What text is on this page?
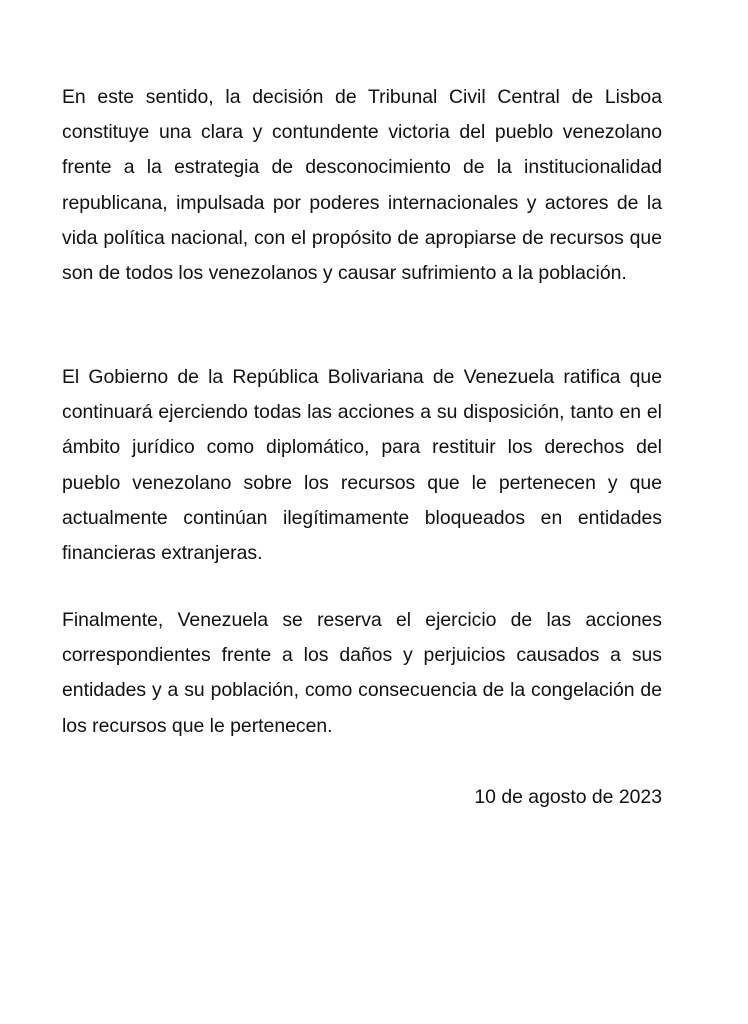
En este sentido, la decisión de Tribunal Civil Central de Lisboa constituye una clara y contundente victoria del pueblo venezolano frente a la estrategia de desconocimiento de la institucionalidad republicana, impulsada por poderes internacionales y actores de la vida política nacional, con el propósito de apropiarse de recursos que son de todos los venezolanos y causar sufrimiento a la población.

El Gobierno de la República Bolivariana de Venezuela ratifica que continuará ejerciendo todas las acciones a su disposición, tanto en el ámbito jurídico como diplomático, para restituir los derechos del pueblo venezolano sobre los recursos que le pertenecen y que actualmente continúan ilegítimamente bloqueados en entidades financieras extranjeras.

Finalmente, Venezuela se reserva el ejercicio de las acciones correspondientes frente a los daños y perjuicios causados a sus entidades y a su población, como consecuencia de la congelación de los recursos que le pertenecen.

10 de agosto de 2023
